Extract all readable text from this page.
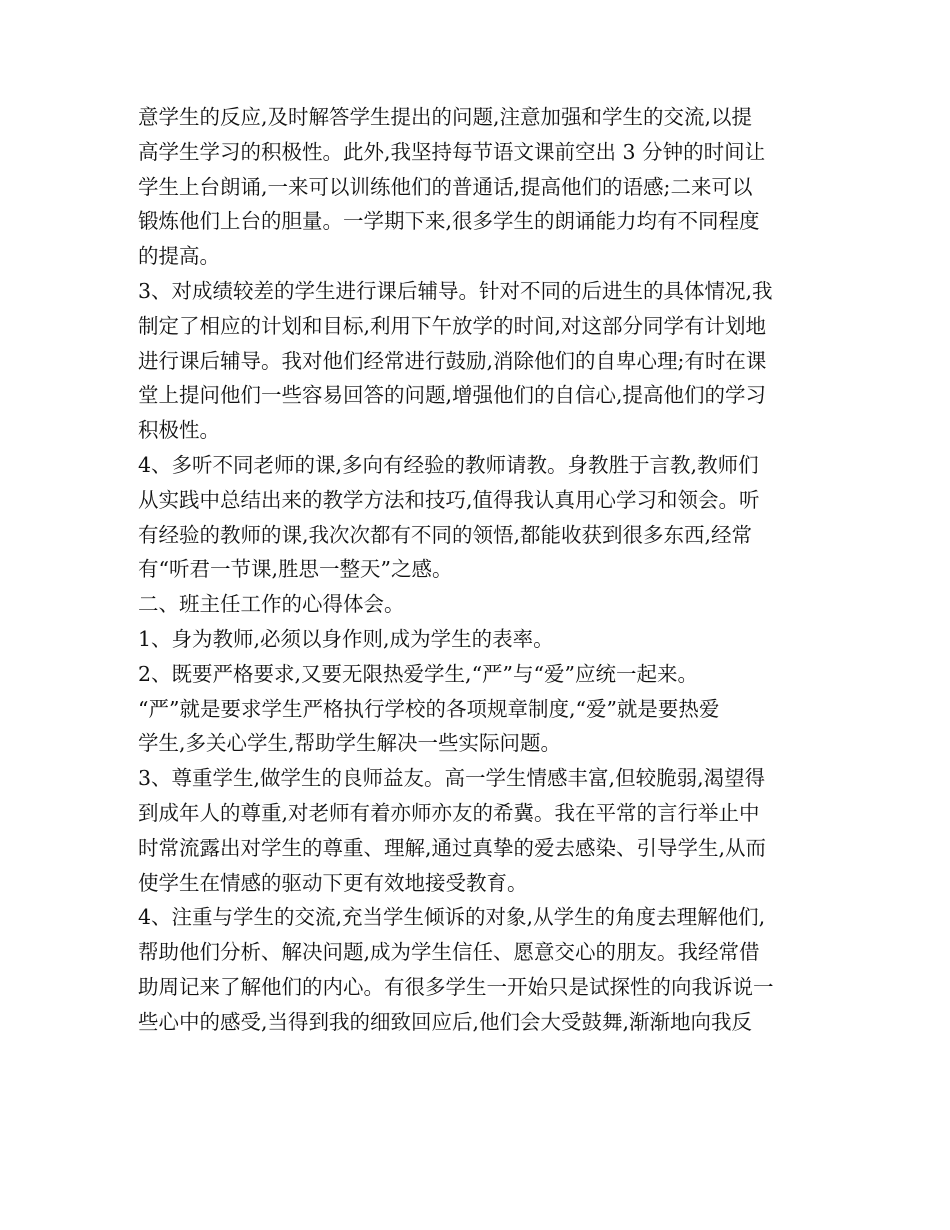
意学生的反应,及时解答学生提出的问题,注意加强和学生的交流,以提
高学生学习的积极性。此外,我坚持每节语文课前空出 3 分钟的时间让
学生上台朗诵,一来可以训练他们的普通话,提高他们的语感;二来可以
锻炼他们上台的胆量。一学期下来,很多学生的朗诵能力均有不同程度
的提高。
3、对成绩较差的学生进行课后辅导。针对不同的后进生的具体情况,我
制定了相应的计划和目标,利用下午放学的时间,对这部分同学有计划地
进行课后辅导。我对他们经常进行鼓励,消除他们的自卑心理;有时在课
堂上提问他们一些容易回答的问题,增强他们的自信心,提高他们的学习
积极性。
4、多听不同老师的课,多向有经验的教师请教。身教胜于言教,教师们
从实践中总结出来的教学方法和技巧,值得我认真用心学习和领会。听
有经验的教师的课,我次次都有不同的领悟,都能收获到很多东西,经常
有“听君一节课,胜思一整天”之感。
二、班主任工作的心得体会。
1、身为教师,必须以身作则,成为学生的表率。
2、既要严格要求,又要无限热爱学生,“严”与“爱”应统一起来。
“严”就是要求学生严格执行学校的各项规章制度,“爱”就是要热爱
学生,多关心学生,帮助学生解决一些实际问题。
3、尊重学生,做学生的良师益友。高一学生情感丰富,但较脆弱,渴望得
到成年人的尊重,对老师有着亦师亦友的希冀。我在平常的言行举止中
时常流露出对学生的尊重、理解,通过真挚的爱去感染、引导学生,从而
使学生在情感的驱动下更有效地接受教育。
4、注重与学生的交流,充当学生倾诉的对象,从学生的角度去理解他们,
帮助他们分析、解决问题,成为学生信任、愿意交心的朋友。我经常借
助周记来了解他们的内心。有很多学生一开始只是试探性的向我诉说一
些心中的感受,当得到我的细致回应后,他们会大受鼓舞,渐渐地向我反
